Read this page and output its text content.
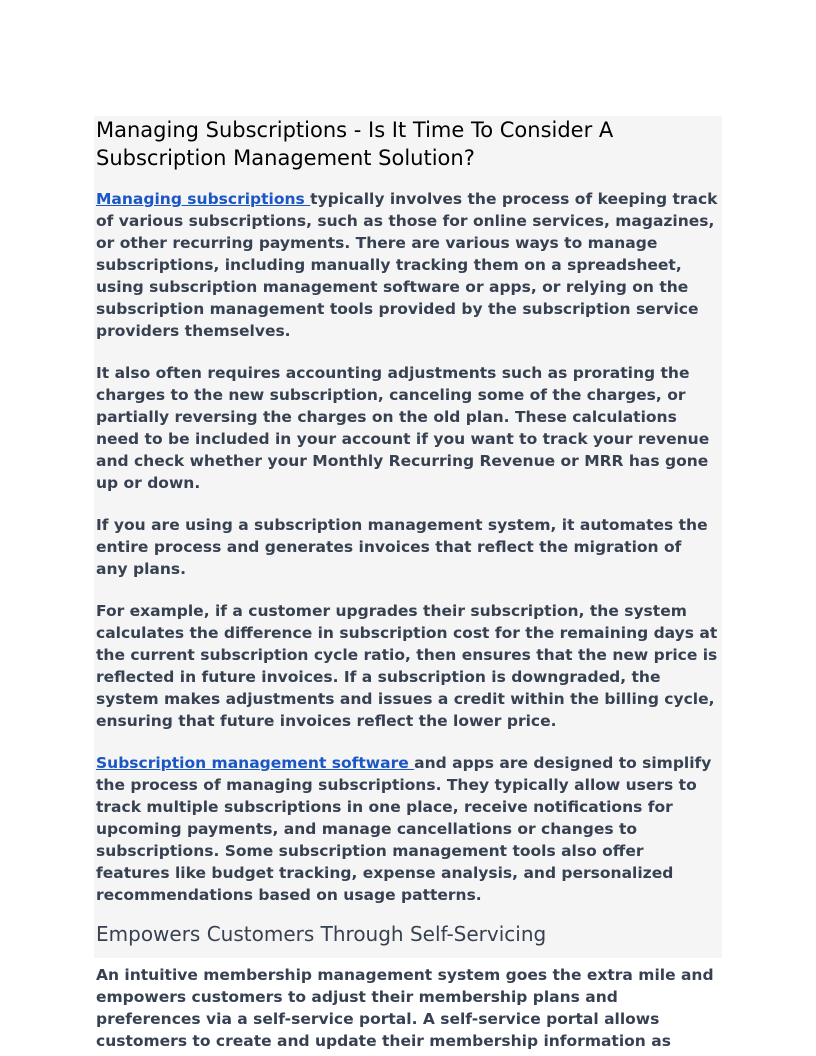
Managing Subscriptions - Is It Time To Consider A Subscription Management Solution?

Managing subscriptions typically involves the process of keeping track of various subscriptions, such as those for online services, magazines, or other recurring payments. There are various ways to manage subscriptions, including manually tracking them on a spreadsheet, using subscription management software or apps, or relying on the subscription management tools provided by the subscription service providers themselves.

It also often requires accounting adjustments such as prorating the charges to the new subscription, canceling some of the charges, or partially reversing the charges on the old plan. These calculations need to be included in your account if you want to track your revenue and check whether your Monthly Recurring Revenue or MRR has gone up or down.

If you are using a subscription management system, it automates the entire process and generates invoices that reflect the migration of any plans.

For example, if a customer upgrades their subscription, the system calculates the difference in subscription cost for the remaining days at the current subscription cycle ratio, then ensures that the new price is reflected in future invoices. If a subscription is downgraded, the system makes adjustments and issues a credit within the billing cycle, ensuring that future invoices reflect the lower price.

Subscription management software and apps are designed to simplify the process of managing subscriptions. They typically allow users to track multiple subscriptions in one place, receive notifications for upcoming payments, and manage cancellations or changes to subscriptions. Some subscription management tools also offer features like budget tracking, expense analysis, and personalized recommendations based on usage patterns.

Empowers Customers Through Self-Servicing

An intuitive membership management system goes the extra mile and empowers customers to adjust their membership plans and preferences via a self-service portal. A self-service portal allows customers to create and update their membership information as
